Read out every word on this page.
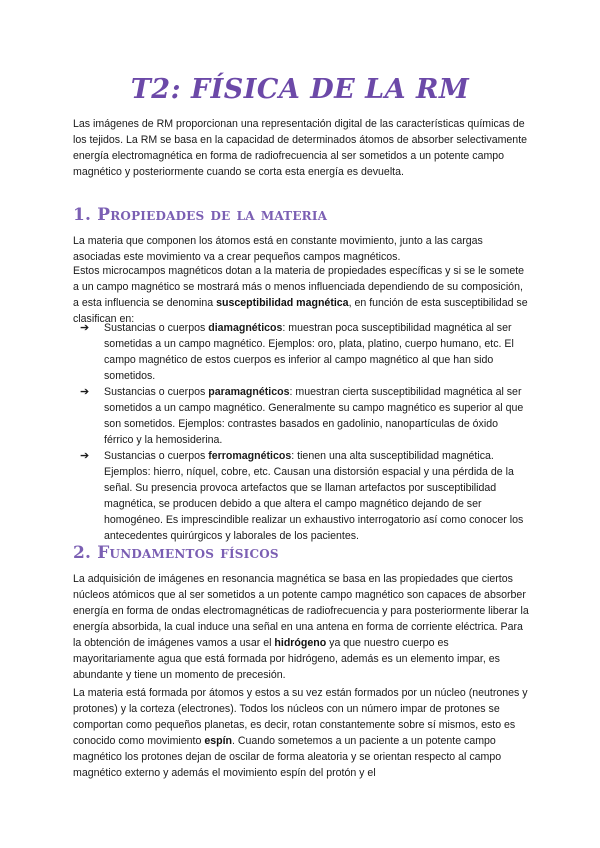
T2: FÍSICA DE LA RM

Las imágenes de RM proporcionan una representación digital de las características químicas de los tejidos. La RM se basa en la capacidad de determinados átomos de absorber selectivamente energía electromagnética en forma de radiofrecuencia al ser sometidos a un potente campo magnético y posteriormente cuando se corta esta energía es devuelta.

1. Propiedades de la materia

La materia que componen los átomos está en constante movimiento, junto a las cargas asociadas este movimiento va a crear pequeños campos magnéticos.

Estos microcampos magnéticos dotan a la materia de propiedades específicas y si se le somete a un campo magnético se mostrará más o menos influenciada dependiendo de su composición, a esta influencia se denomina susceptibilidad magnética, en función de esta susceptibilidad se clasifican en:

➔ Sustancias o cuerpos diamagnéticos: muestran poca susceptibilidad magnética al ser sometidas a un campo magnético. Ejemplos: oro, plata, platino, cuerpo humano, etc. El campo magnético de estos cuerpos es inferior al campo magnético al que han sido sometidos.
➔ Sustancias o cuerpos paramagnéticos: muestran cierta susceptibilidad magnética al ser sometidos a un campo magnético. Generalmente su campo magnético es superior al que son sometidos. Ejemplos: contrastes basados en gadolinio, nanopartículas de óxido férrico y la hemosiderina.
➔ Sustancias o cuerpos ferromagnéticos: tienen una alta susceptibilidad magnética. Ejemplos: hierro, níquel, cobre, etc. Causan una distorsión espacial y una pérdida de la señal. Su presencia provoca artefactos que se llaman artefactos por susceptibilidad magnética, se producen debido a que altera el campo magnético dejando de ser homogéneo. Es imprescindible realizar un exhaustivo interrogatorio así como conocer los antecedentes quirúrgicos y laborales de los pacientes.
2. Fundamentos físicos

La adquisición de imágenes en resonancia magnética se basa en las propiedades que ciertos núcleos atómicos que al ser sometidos a un potente campo magnético son capaces de absorber energía en forma de ondas electromagnéticas de radiofrecuencia y para posteriormente liberar la energía absorbida, la cual induce una señal en una antena en forma de corriente eléctrica. Para la obtención de imágenes vamos a usar el hidrógeno ya que nuestro cuerpo es mayoritariamente agua que está formada por hidrógeno, además es un elemento impar, es abundante y tiene un momento de precesión.

La materia está formada por átomos y estos a su vez están formados por un núcleo (neutrones y protones) y la corteza (electrones). Todos los núcleos con un número impar de protones se comportan como pequeños planetas, es decir, rotan constantemente sobre sí mismos, esto es conocido como movimiento espín. Cuando sometemos a un paciente a un potente campo magnético los protones dejan de oscilar de forma aleatoria y se orientan respecto al campo magnético externo y además el movimiento espín del protón y el
